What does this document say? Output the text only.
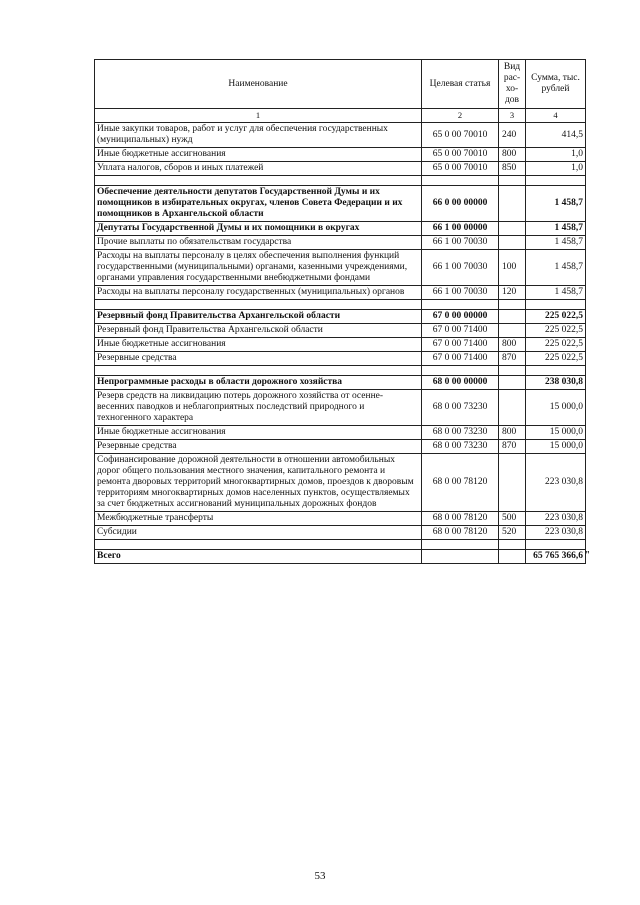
Наименование	Целевая статья	Вид рас- хо- дов	Сумма, тыс. рублей
1	2	3	4
Иные закупки товаров, работ и услуг для обеспечения государственных (муниципальных) нужд	65 0 00 70010	240	414,5
Иные бюджетные ассигнования	65 0 00 70010	800	1,0
Уплата налогов, сборов и иных платежей	65 0 00 70010	850	1,0

Обеспечение деятельности депутатов Государственной Думы и их помощников в избирательных округах, членов Совета Федерации и их помощников в Архангельской области	66 0 00 00000		1 458,7
Депутаты Государственной Думы и их помощники в округах	66 1 00 00000		1 458,7
Прочие выплаты по обязательствам государства	66 1 00 70030		1 458,7
Расходы на выплаты персоналу в целях обеспечения выполнения функций государственными (муниципальными) органами, казенными учреждениями, органами управления государственными внебюджетными фондами	66 1 00 70030	100	1 458,7
Расходы на выплаты персоналу государственных (муниципальных) органов	66 1 00 70030	120	1 458,7

Резервный фонд Правительства Архангельской области	67 0 00 00000		225 022,5
Резервный фонд Правительства Архангельской области	67 0 00 71400		225 022,5
Иные бюджетные ассигнования	67 0 00 71400	800	225 022,5
Резервные средства	67 0 00 71400	870	225 022,5

Непрограммные расходы в области дорожного хозяйства	68 0 00 00000		238 030,8
Резерв средств на ликвидацию потерь дорожного хозяйства от осенне-весенних паводков и неблагоприятных последствий природного и техногенного характера	68 0 00 73230		15 000,0
Иные бюджетные ассигнования	68 0 00 73230	800	15 000,0
Резервные средства	68 0 00 73230	870	15 000,0
Софинансирование дорожной деятельности в отношении автомобильных дорог общего пользования местного значения, капитального ремонта и ремонта дворовых территорий многоквартирных домов, проездов к дворовым территориям многоквартирных домов населенных пунктов, осуществляемых за счет бюджетных ассигнований муниципальных дорожных фондов	68 0 00 78120		223 030,8
Межбюджетные трансферты	68 0 00 78120	500	223 030,8
Субсидии	68 0 00 78120	520	223 030,8

Всего			65 765 366,6 "
53
